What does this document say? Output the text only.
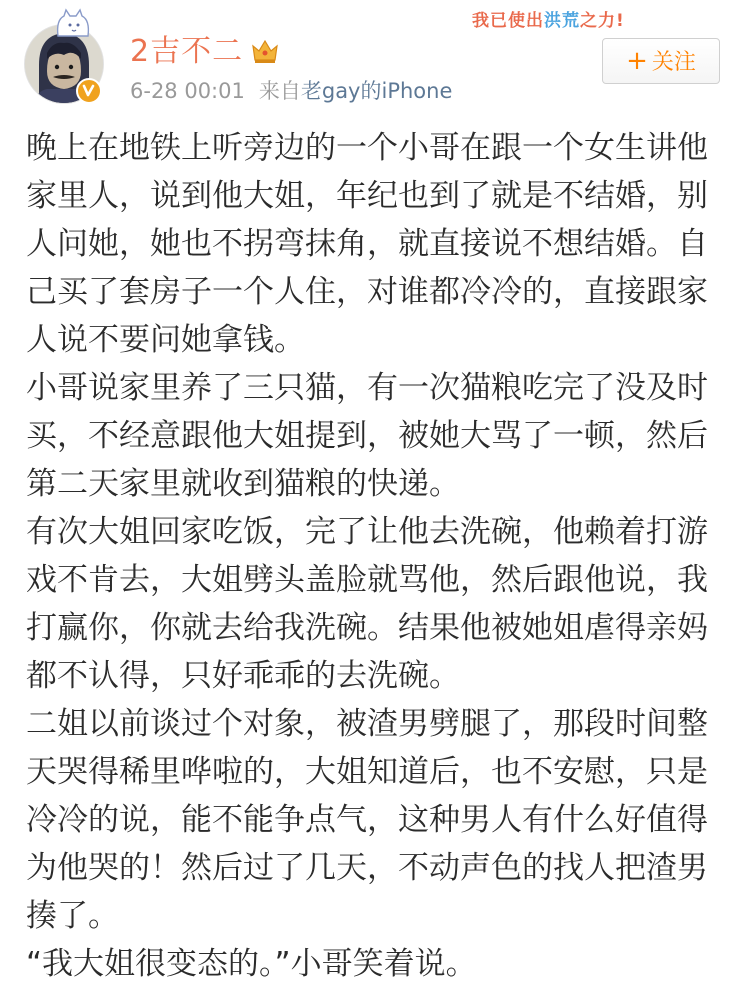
2吉不二
6-28 00:01 来自老gay的iPhone
我已使出洪荒之力!
+ 关注

晚上在地铁上听旁边的一个小哥在跟一个女生讲他家里人，说到他大姐，年纪也到了就是不结婚，别人问她，她也不拐弯抹角，就直接说不想结婚。自己买了套房子一个人住，对谁都冷冷的，直接跟家人说不要问她拿钱。

小哥说家里养了三只猫，有一次猫粮吃完了没及时买，不经意跟他大姐提到，被她大骂了一顿，然后第二天家里就收到猫粮的快递。

有次大姐回家吃饭，完了让他去洗碗，他赖着打游戏不肯去，大姐劈头盖脸就骂他，然后跟他说，我打赢你，你就去给我洗碗。结果他被她姐虐得亲妈都不认得，只好乖乖的去洗碗。

二姐以前谈过个对象，被渣男劈腿了，那段时间整天哭得稀里哗啦的，大姐知道后，也不安慰，只是冷冷的说，能不能争点气，这种男人有什么好值得为他哭的！然后过了几天，不动声色的找人把渣男揍了。

“我大姐很变态的。”小哥笑着说。
